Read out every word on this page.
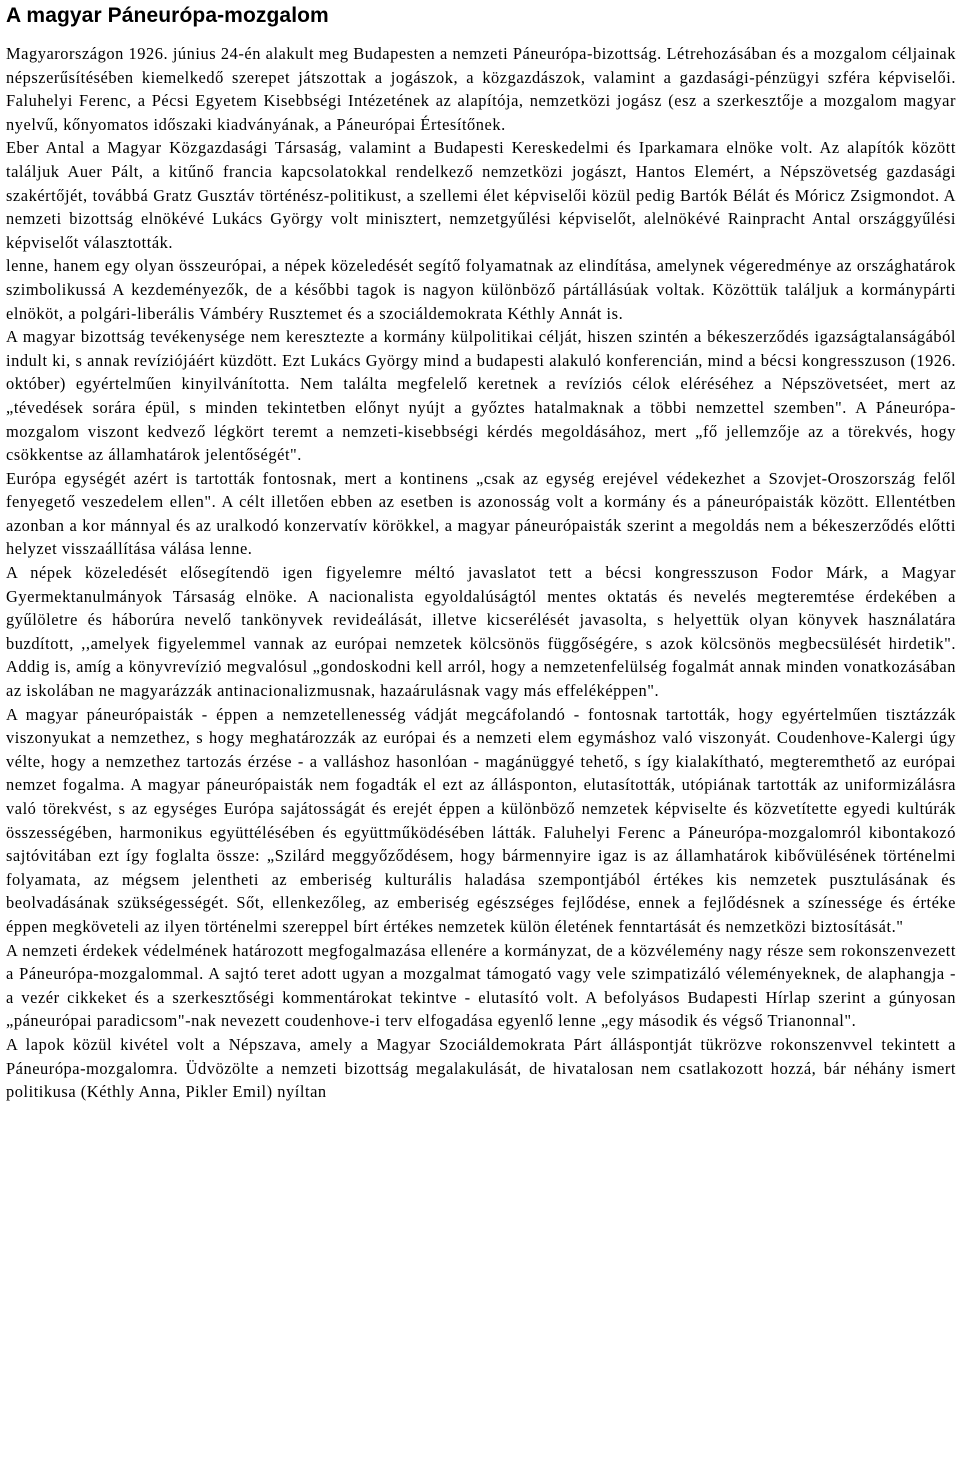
A magyar Páneurópa-mozgalom

Magyarországon 1926. június 24-én alakult meg Budapesten a nemzeti Páneurópa-bizottság. Létrehozásában és a mozgalom céljainak népszerűsítésében kiemelkedő szerepet játszottak a jogászok, a közgazdászok, valamint a gazdasági-pénzügyi szféra képviselői. Faluhelyi Ferenc, a Pécsi Egyetem Kisebbségi Intézetének az alapítója, nemzetközi jogász (esz a szerkesztője a mozgalom magyar nyelvű, kőnyomatos időszaki kiadványának, a Páneurópai Értesítőnek.

Eber Antal a Magyar Közgazdasági Társaság, valamint a Budapesti Kereskedelmi és Iparkamara elnöke volt. Az alapítók között találjuk Auer Pált, a kitűnő francia kapcsolatokkal rendelkező nemzetközi jogászt, Hantos Elemért, a Népszövetség gazdasági szakértőjét, továbbá Gratz Gusztáv történész-politikust, a szellemi élet képviselői közül pedig Bartók Bélát és Móricz Zsigmondot. A nemzeti bizottság elnökévé Lukács György volt minisztert, nemzetgyűlési képviselőt, alelnökévé Rainpracht Antal országgyűlési képviselőt választották.

lenne, hanem egy olyan összeurópai, a népek közeledését segítő folyamatnak az elindítása, amelynek végeredménye az országhatárok szimbolikussá A kezdeményezők, de a későbbi tagok is nagyon különböző pártállásúak voltak. Közöttük találjuk a kormánypárti elnököt, a polgári-liberális Vámbéry Rusztemet és a szociáldemokrata Kéthly Annát is.

A magyar bizottság tevékenysége nem keresztezte a kormány külpolitikai célját, hiszen szintén a békeszerződés igazságtalanságából indult ki, s annak revíziójáért küzdött. Ezt Lukács György mind a budapesti alakuló konferencián, mind a bécsi kongresszuson (1926. október) egyértelműen kinyilvánította. Nem találta megfelelő keretnek a revíziós célok eléréséhez a Népszövetséet, mert az „tévedések sorára épül, s minden tekintetben előnyt nyújt a győztes hatalmaknak a többi nemzettel szemben". A Páneurópa-mozgalom viszont kedvező légkört teremt a nemzeti-kisebbségi kérdés megoldásához, mert „fő jellemzője az a törekvés, hogy csökkentse az államhatárok jelentőségét".

Európa egységét azért is tartották fontosnak, mert a kontinens „csak az egység erejével védekezhet a Szovjet-Oroszország felől fenyegető veszedelem ellen". A célt illetően ebben az esetben is azonosság volt a kormány és a páneurópaisták között. Ellentétben azonban a kor mánnyal és az uralkodó konzervatív körökkel, a magyar páneurópaisták szerint a megoldás nem a békeszerződés előtti helyzet visszaállítása válása lenne.

A népek közeledését elősegítendö igen figyelemre méltó javaslatot tett a bécsi kongresszuson Fodor Márk, a Magyar Gyermektanulmányok Társaság elnöke. A nacionalista egyoldalúságtól mentes oktatás és nevelés megteremtése érdekében a gyűlöletre és háborúra nevelő tankönyvek revideálását, illetve kicserélését javasolta, s helyettük olyan könyvek használatára buzdított, ,,amelyek figyelemmel vannak az európai nemzetek kölcsönös függőségére, s azok kölcsönös megbecsülését hirdetik". Addig is, amíg a könyvrevízió megvalósul „gondoskodni kell arról, hogy a nemzetenfelülség fogalmát annak minden vonatkozásában az iskolában ne magyarázzák antinacionalizmusnak, hazaárulásnak vagy más effeléképpen".

A magyar páneurópaisták - éppen a nemzetellenesség vádját megcáfolandó - fontosnak tartották, hogy egyértelműen tisztázzák viszonyukat a nemzethez, s hogy meghatározzák az európai és a nemzeti elem egymáshoz való viszonyát. Coudenhove-Kalergi úgy vélte, hogy a nemzethez tartozás érzése - a valláshoz hasonlóan - magánüggyé tehető, s így kialakítható, megteremthető az európai nemzet fogalma. A magyar páneurópaisták nem fogadták el ezt az állásponton, elutasították, utópiának tartották az uniformizálásra való törekvést, s az egységes Európa sajátosságát és erejét éppen a különböző nemzetek képviselte és közvetítette egyedi kultúrák összességében, harmonikus együttélésében és együttműködésében látták. Faluhelyi Ferenc a Páneurópa-mozgalomról kibontakozó sajtóvitában ezt így foglalta össze: „Szilárd meggyőződésem, hogy bármennyire igaz is az államhatárok kibővülésének történelmi folyamata, az mégsem jelentheti az emberiség kulturális haladása szempontjából értékes kis nemzetek pusztulásának és beolvadásának szükségességét. Sőt, ellenkezőleg, az emberiség egészséges fejlődése, ennek a fejlődésnek a színessége és értéke éppen megköveteli az ilyen történelmi szereppel bírt értékes nemzetek külön életének fenntartását és nemzetközi biztosítását."

A nemzeti érdekek védelmének határozott megfogalmazása ellenére a kormányzat, de a közvélemény nagy része sem rokonszenvezett a Páneurópa-mozgalommal. A sajtó teret adott ugyan a mozgalmat támogató vagy vele szimpatizáló véleményeknek, de alaphangja - a vezér cikkeket és a szerkesztőségi kommentárokat tekintve - elutasító volt. A befolyásos Budapesti Hírlap szerint a gúnyosan „páneurópai paradicsom"-nak nevezett coudenhove-i terv elfogadása egyenlő lenne „egy második és végső Trianonnal".

A lapok közül kivétel volt a Népszava, amely a Magyar Szociáldemokrata Párt álláspontját tükrözve rokonszenvvel tekintett a Páneurópa-mozgalomra. Üdvözölte a nemzeti bizottság megalakulását, de hivatalosan nem csatlakozott hozzá, bár néhány ismert politikusa (Kéthly Anna, Pikler Emil) nyíltan
